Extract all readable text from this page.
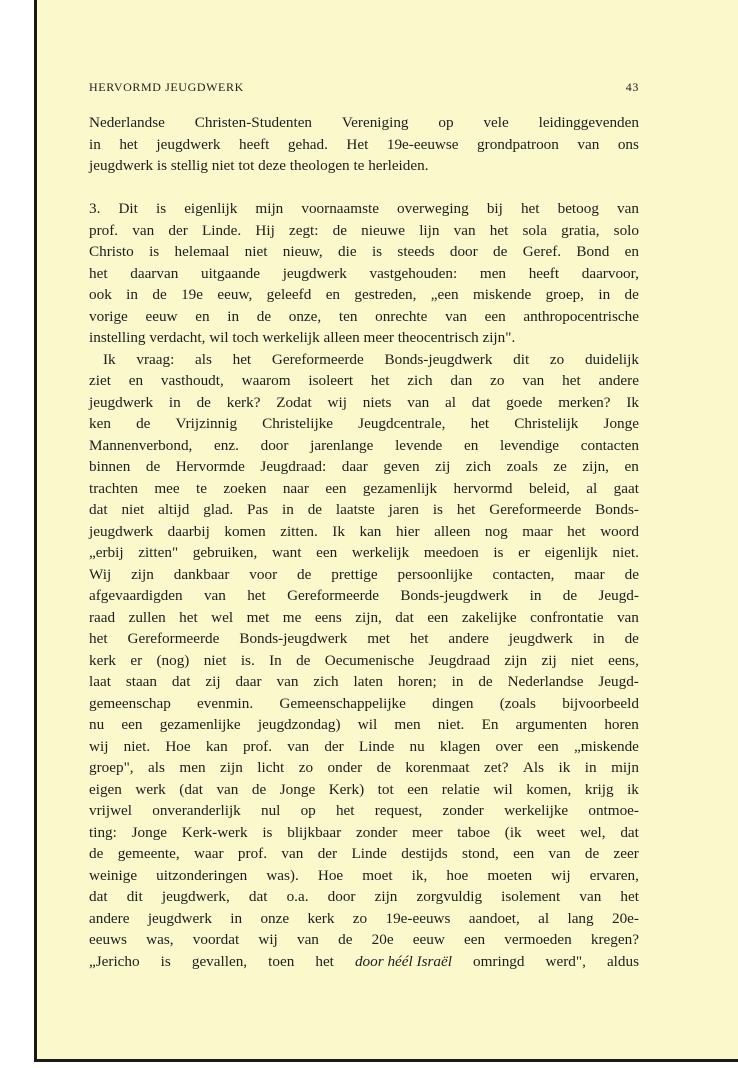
HERVORMD JEUGDWERK	43
Nederlandse Christen-Studenten Vereniging op vele leidinggevenden
in het jeugdwerk heeft gehad. Het 19e-eeuwse grondpatroon van ons
jeugdwerk is stellig niet tot deze theologen te herleiden.
3. Dit is eigenlijk mijn voornaamste overweging bij het betoog van
prof. van der Linde. Hij zegt: de nieuwe lijn van het sola gratia, solo
Christo is helemaal niet nieuw, die is steeds door de Geref. Bond en
het daarvan uitgaande jeugdwerk vastgehouden: men heeft daarvoor,
ook in de 19e eeuw, geleefd en gestreden, „een miskende groep, in de
vorige eeuw en in de onze, ten onrechte van een anthropocentrische
instelling verdacht, wil toch werkelijk alleen meer theocentrisch zijn".
Ik vraag: als het Gereformeerde Bonds-jeugdwerk dit zo duidelijk
ziet en vasthoudt, waarom isoleert het zich dan zo van het andere
jeugdwerk in de kerk? Zodat wij niets van al dat goede merken? Ik
ken de Vrijzinnig Christelijke Jeugdcentrale, het Christelijk Jonge
Mannenverbond, enz. door jarenlange levende en levendige contacten
binnen de Hervormde Jeugdraad: daar geven zij zich zoals ze zijn, en
trachten mee te zoeken naar een gezamenlijk hervormd beleid, al gaat
dat niet altijd glad. Pas in de laatste jaren is het Gereformeerde Bonds-
jeugdwerk daarbij komen zitten. Ik kan hier alleen nog maar het woord
„erbij zitten" gebruiken, want een werkelijk meedoen is er eigenlijk niet.
Wij zijn dankbaar voor de prettige persoonlijke contacten, maar de
afgevaardigden van het Gereformeerde Bonds-jeugdwerk in de Jeugd-
raad zullen het wel met me eens zijn, dat een zakelijke confrontatie van
het Gereformeerde Bonds-jeugdwerk met het andere jeugdwerk in de
kerk er (nog) niet is. In de Oecumenische Jeugdraad zijn zij niet eens,
laat staan dat zij daar van zich laten horen; in de Nederlandse Jeugd-
gemeenschap evenmin. Gemeenschappelijke dingen (zoals bijvoorbeeld
nu een gezamenlijke jeugdzondag) wil men niet. En argumenten horen
wij niet. Hoe kan prof. van der Linde nu klagen over een „miskende
groep", als men zijn licht zo onder de korenmaat zet? Als ik in mijn
eigen werk (dat van de Jonge Kerk) tot een relatie wil komen, krijg ik
vrijwel onveranderlijk nul op het request, zonder werkelijke ontmoe-
ting: Jonge Kerk-werk is blijkbaar zonder meer taboe (ik weet wel, dat
de gemeente, waar prof. van der Linde destijds stond, een van de zeer
weinige uitzonderingen was). Hoe moet ik, hoe moeten wij ervaren,
dat dit jeugdwerk, dat o.a. door zijn zorgvuldig isolement van het
andere jeugdwerk in onze kerk zo 19e-eeuws aandoet, al lang 20e-
eeuws was, voordat wij van de 20e eeuw een vermoeden kregen?
„Jericho is gevallen, toen het door héél Israël omringd werd", aldus
